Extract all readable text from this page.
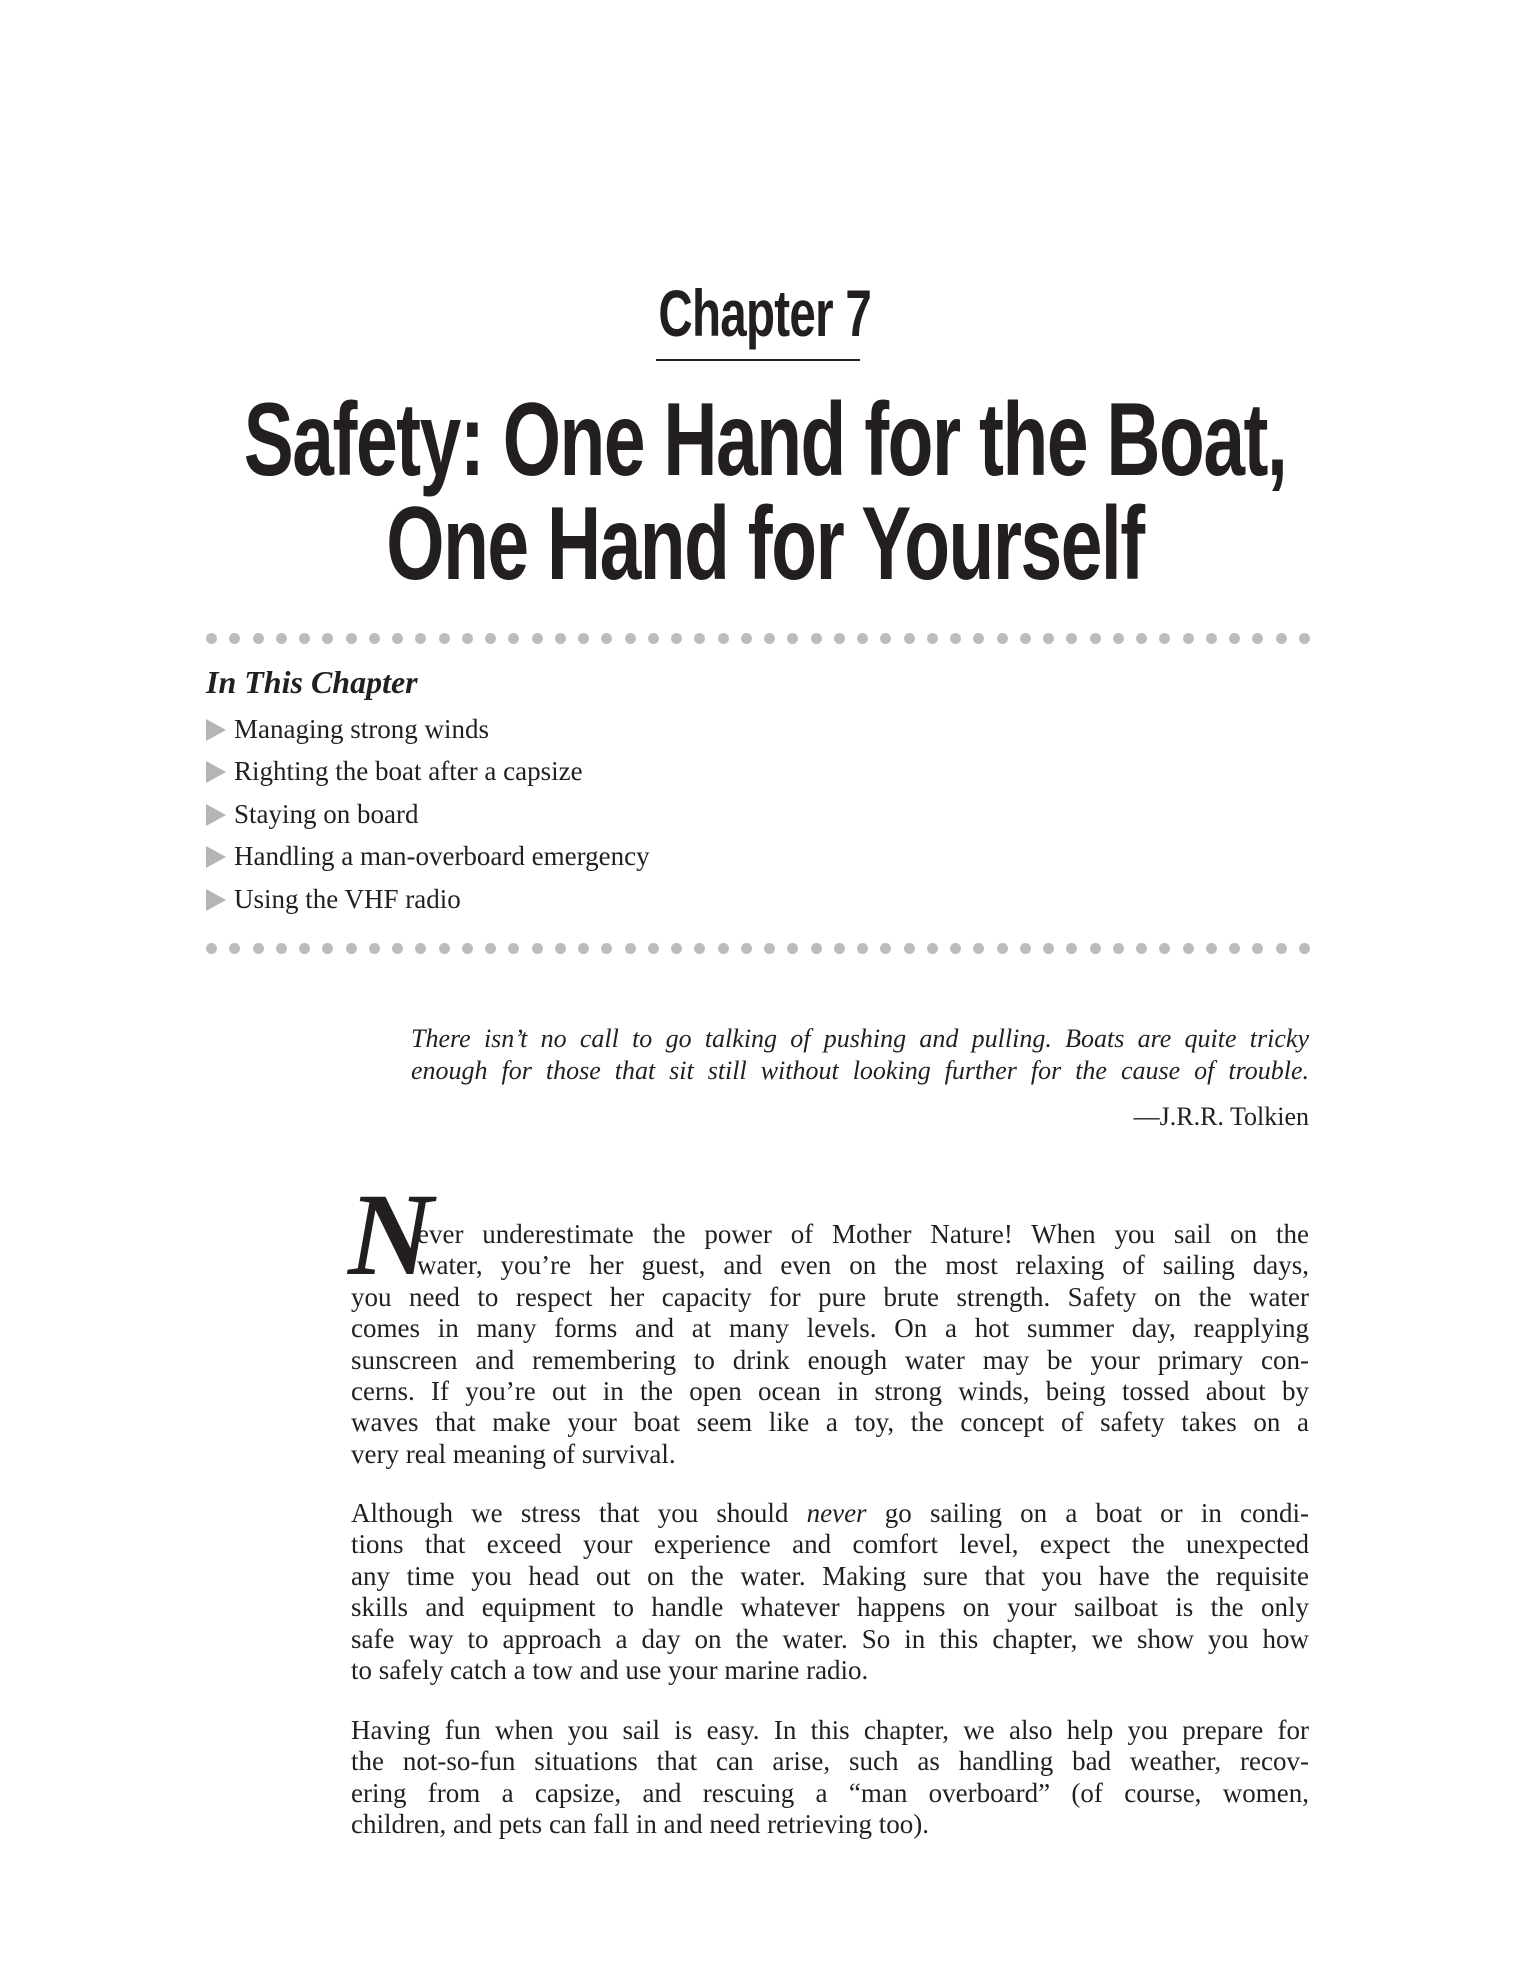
Chapter 7
Safety: One Hand for the Boat,
One Hand for Yourself
In This Chapter
Managing strong winds
Righting the boat after a capsize
Staying on board
Handling a man-overboard emergency
Using the VHF radio
There isn’t no call to go talking of pushing and pulling. Boats are quite tricky
enough for those that sit still without looking further for the cause of trouble.
—J.R.R. Tolkien
N
ever underestimate the power of Mother Nature! When you sail on the
water, you’re her guest, and even on the most relaxing of sailing days,
you need to respect her capacity for pure brute strength. Safety on the water
comes in many forms and at many levels. On a hot summer day, reapplying
sunscreen and remembering to drink enough water may be your primary con-
cerns. If you’re out in the open ocean in strong winds, being tossed about by
waves that make your boat seem like a toy, the concept of safety takes on a
very real meaning of survival.
Although we stress that you should never go sailing on a boat or in condi-
tions that exceed your experience and comfort level, expect the unexpected
any time you head out on the water. Making sure that you have the requisite
skills and equipment to handle whatever happens on your sailboat is the only
safe way to approach a day on the water. So in this chapter, we show you how
to safely catch a tow and use your marine radio.
Having fun when you sail is easy. In this chapter, we also help you prepare for
the not-so-fun situations that can arise, such as handling bad weather, recov-
ering from a capsize, and rescuing a “man overboard” (of course, women,
children, and pets can fall in and need retrieving too).
